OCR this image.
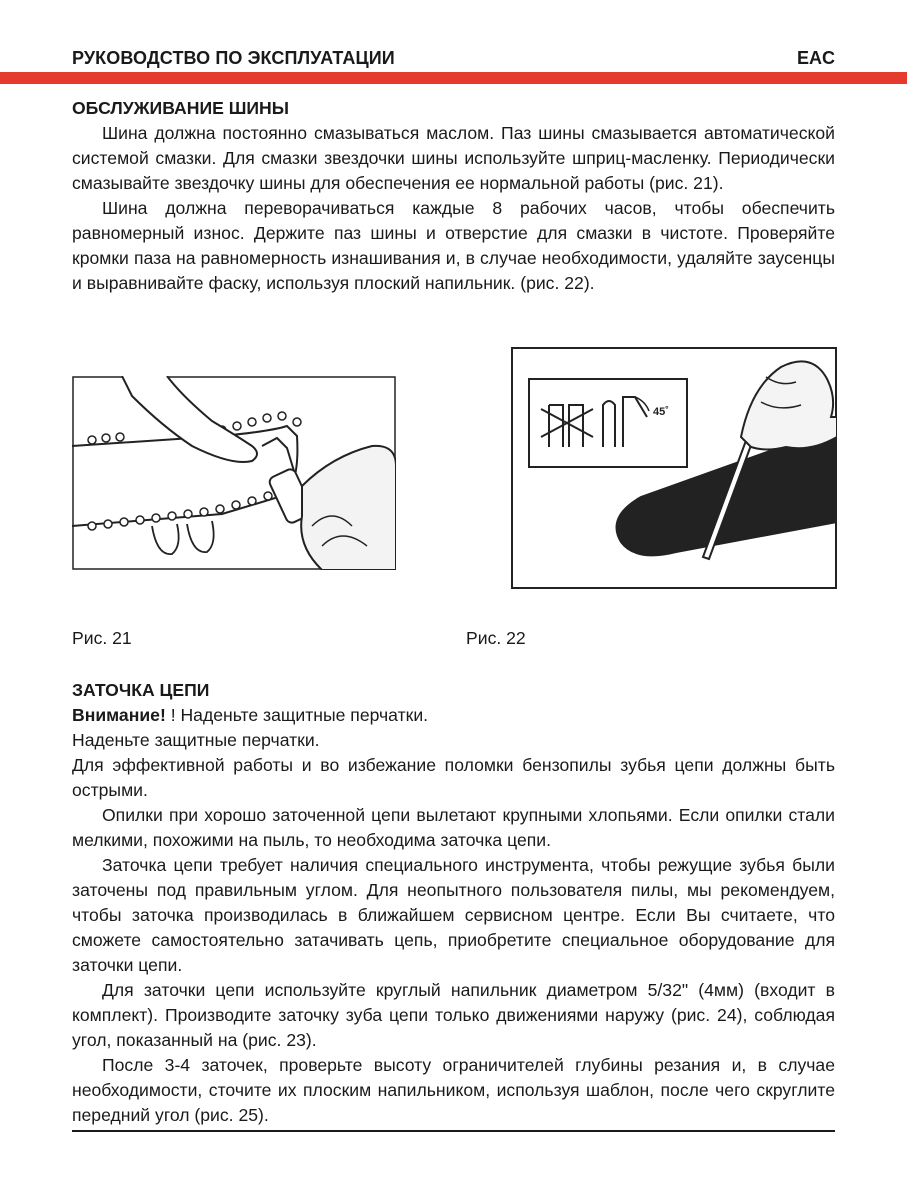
РУКОВОДСТВО ПО ЭКСПЛУАТАЦИИ	EAC

ОБСЛУЖИВАНИЕ ШИНЫ

Шина должна постоянно смазываться маслом. Паз шины смазывается автоматической системой смазки. Для смазки звездочки шины используйте шприц-масленку. Периодически смазывайте звездочку шины для обеспечения ее нормальной работы (рис. 21).

Шина должна переворачиваться каждые 8 рабочих часов, чтобы обеспечить равномерный износ. Держите паз шины и отверстие для смазки в чистоте. Проверяйте кромки паза на равномерность изнашивания и, в случае необходимости, удаляйте заусенцы и выравнивайте фаску, используя плоский напильник. (рис. 22).

45˚
Рис. 21	Рис. 22

ЗАТОЧКА ЦЕПИ

Внимание! ! Наденьте защитные перчатки.

Наденьте защитные перчатки.

Для эффективной работы и во избежание поломки бензопилы зубья цепи должны быть острыми.

Опилки при хорошо заточенной цепи вылетают крупными хлопьями. Если опилки стали мелкими, похожими на пыль, то необходима заточка цепи.

Заточка цепи требует наличия специального инструмента, чтобы режущие зубья были заточены под правильным углом. Для неопытного пользователя пилы, мы рекомендуем, чтобы заточка производилась в ближайшем сервисном центре. Если Вы считаете, что сможете самостоятельно затачивать цепь, приобретите специальное оборудование для заточки цепи.

Для заточки цепи используйте круглый напильник диаметром 5/32" (4мм) (входит в комплект). Производите заточку зуба цепи только движениями наружу (рис. 24), соблюдая угол, показанный на (рис. 23).

После 3-4 заточек, проверьте высоту ограничителей глубины резания и, в случае необходимости, сточите их плоским напильником, используя шаблон, после чего скруглите передний угол (рис. 25).
